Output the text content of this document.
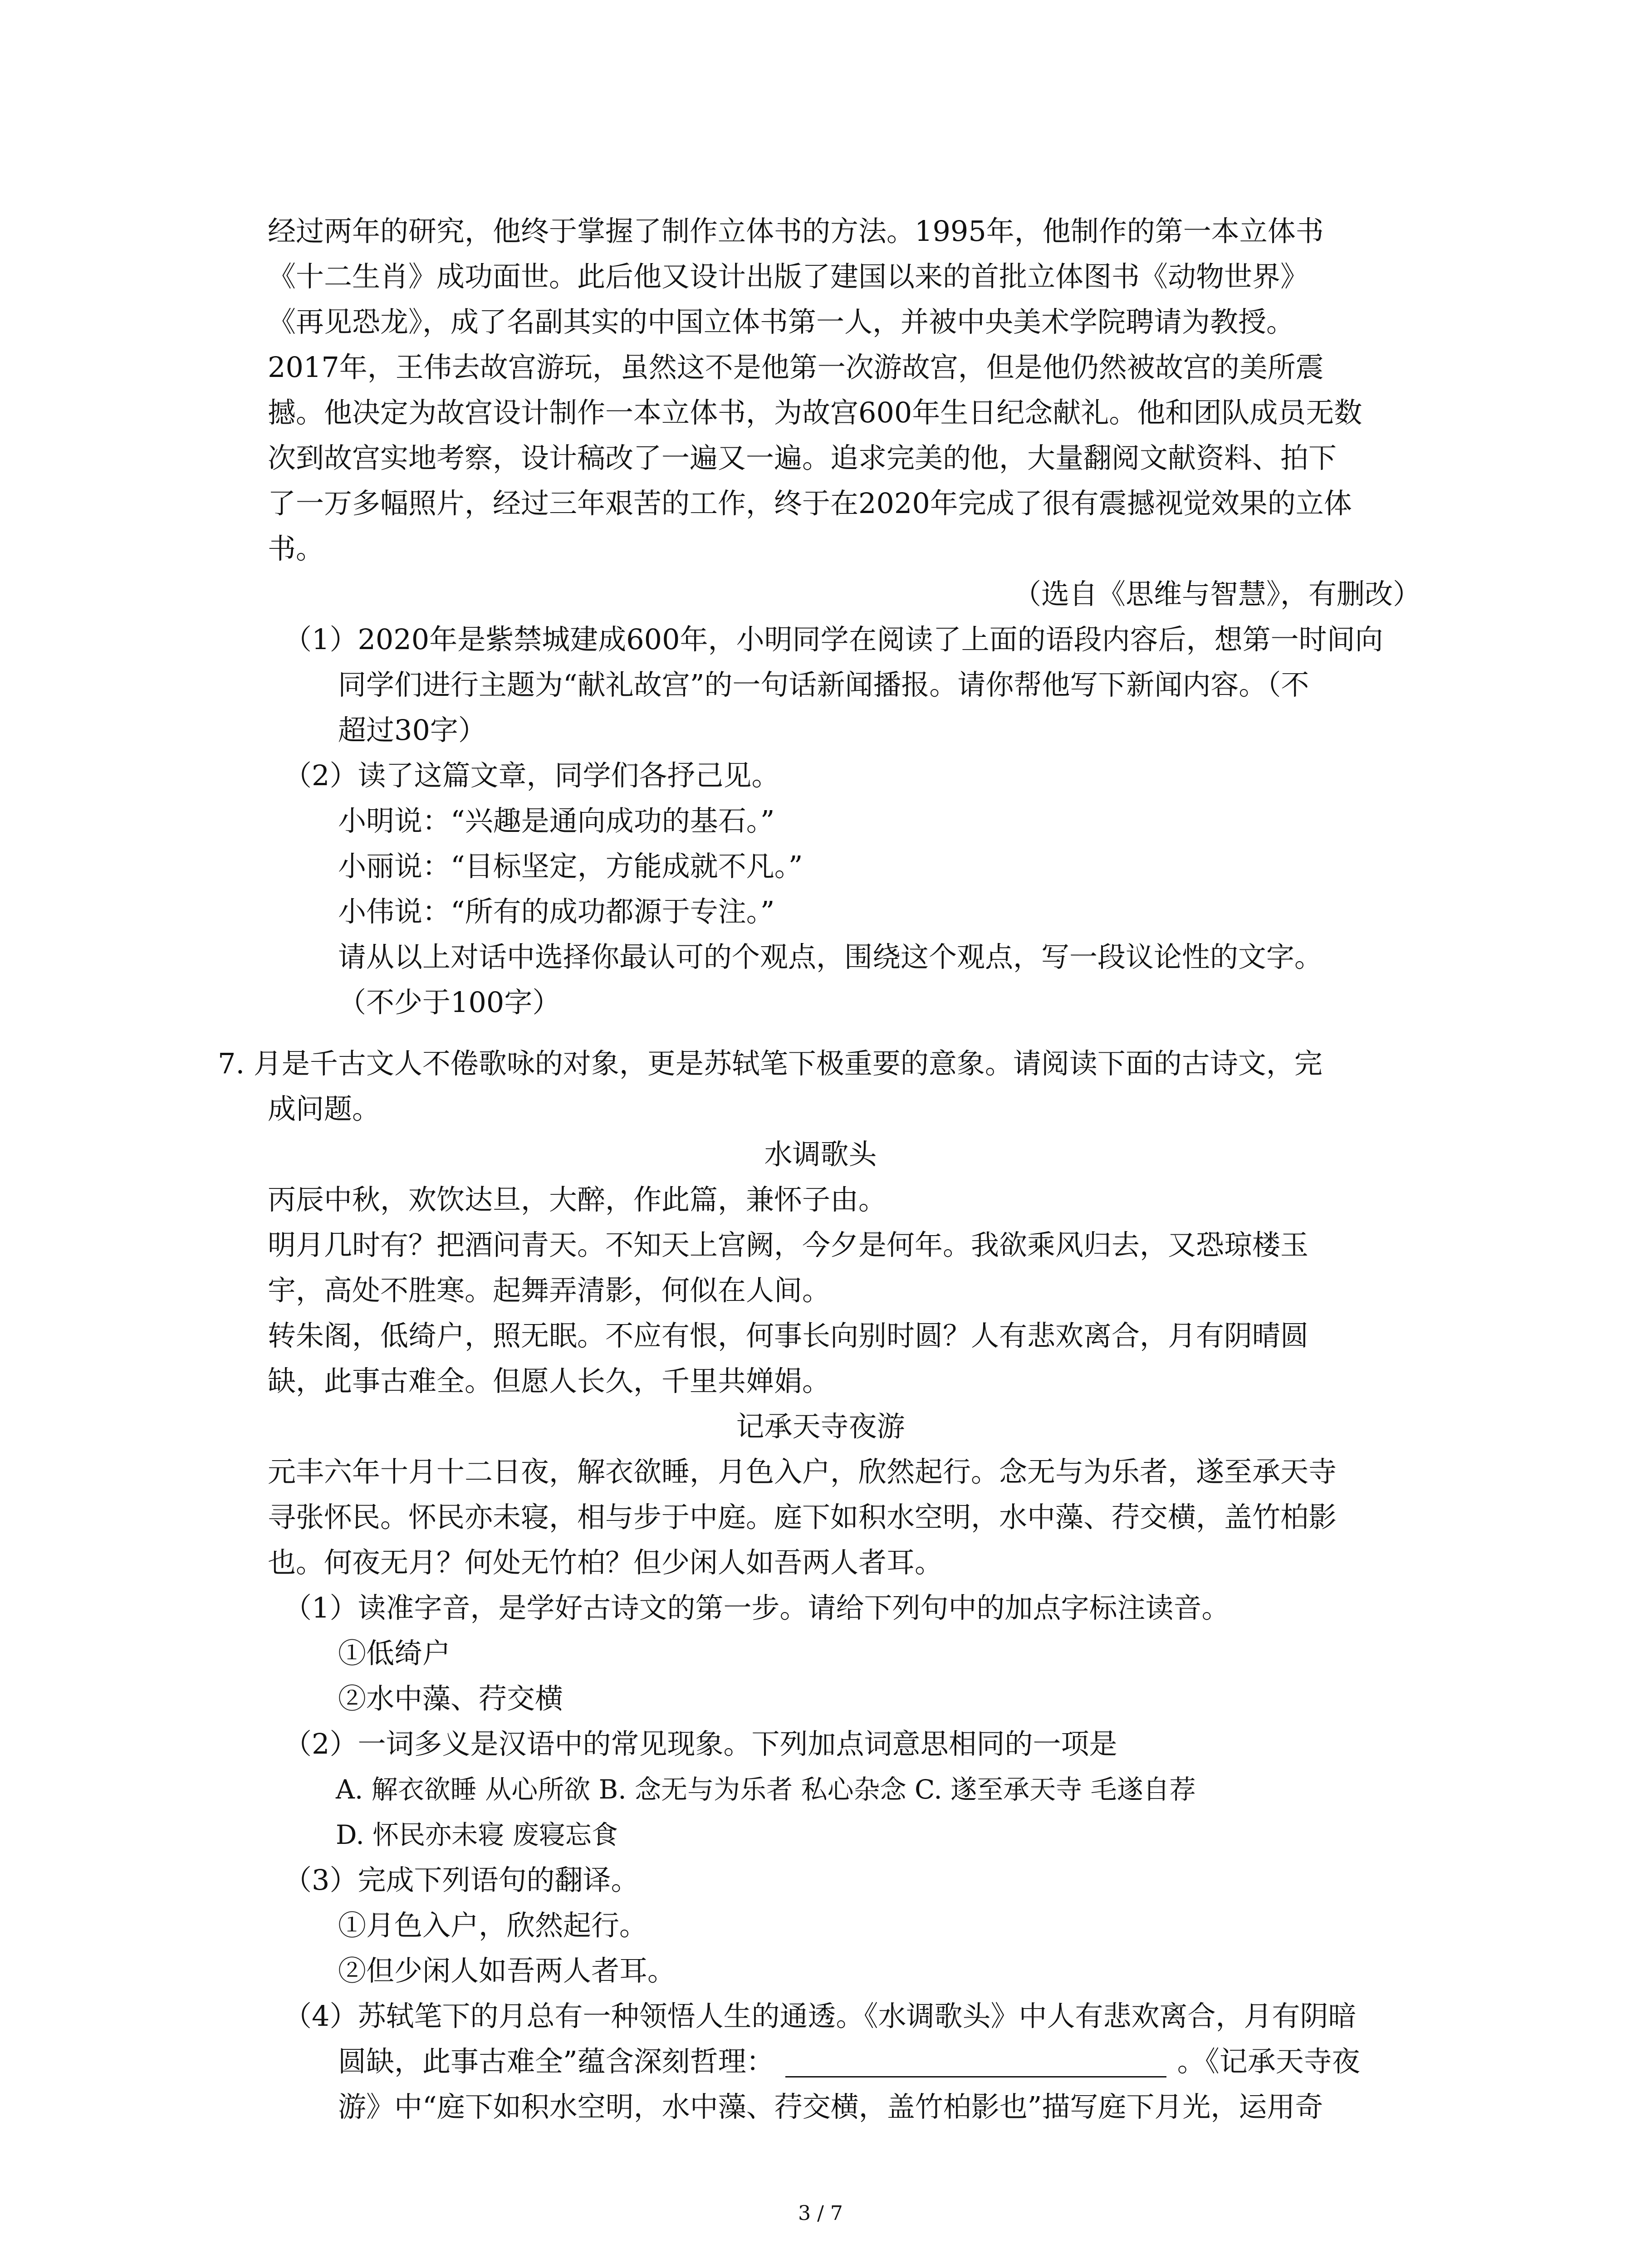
经过两年的研究，他终于掌握了制作立体书的方法。1995年，他制作的第一本立体书
《十二生肖》成功面世。此后他又设计出版了建国以来的首批立体图书《动物世界》
《再见恐龙》，成了名副其实的中国立体书第一人，并被中央美术学院聘请为教授。
2017年，王伟去故宫游玩，虽然这不是他第一次游故宫，但是他仍然被故宫的美所震
撼。他决定为故宫设计制作一本立体书，为故宫600年生日纪念献礼。他和团队成员无数
次到故宫实地考察，设计稿改了一遍又一遍。追求完美的他，大量翻阅文献资料、拍下
了一万多幅照片，经过三年艰苦的工作，终于在2020年完成了很有震撼视觉效果的立体
书。
（选自《思维与智慧》，有删改）
（1）2020年是紫禁城建成600年，小明同学在阅读了上面的语段内容后，想第一时间向
同学们进行主题为“献礼故宫”的一句话新闻播报。请你帮他写下新闻内容。（不
超过30字）
（2）读了这篇文章，同学们各抒己见。
小明说：“兴趣是通向成功的基石。”
小丽说：“目标坚定，方能成就不凡。”
小伟说：“所有的成功都源于专注。”
请从以上对话中选择你最认可的个观点，围绕这个观点，写一段议论性的文字。
（不少于100字）
7. 月是千古文人不倦歌咏的对象，更是苏轼笔下极重要的意象。请阅读下面的古诗文，完
成问题。
水调歌头
丙辰中秋，欢饮达旦，大醉，作此篇，兼怀子由。
明月几时有？把酒问青天。不知天上宫阙，今夕是何年。我欲乘风归去，又恐琼楼玉
宇，高处不胜寒。起舞弄清影，何似在人间。
转朱阁，低绮户，照无眠。不应有恨，何事长向别时圆？人有悲欢离合，月有阴晴圆
缺，此事古难全。但愿人长久，千里共婵娟。
记承天寺夜游
元丰六年十月十二日夜，解衣欲睡，月色入户，欣然起行。念无与为乐者，遂至承天寺
寻张怀民。怀民亦未寝，相与步于中庭。庭下如积水空明，水中藻、荇交横，盖竹柏影
也。何夜无月？何处无竹柏？但少闲人如吾两人者耳。
（1）读准字音，是学好古诗文的第一步。请给下列句中的加点字标注读音。
①低绮户
②水中藻、荇交横
（2）一词多义是汉语中的常见现象。下列加点词意思相同的一项是
A. 解衣欲睡 从心所欲 B. 念无与为乐者 私心杂念 C. 遂至承天寺 毛遂自荐
D. 怀民亦未寝 废寝忘食
（3）完成下列语句的翻译。
①月色入户，欣然起行。
②但少闲人如吾两人者耳。
（4）苏轼笔下的月总有一种领悟人生的通透。《水调歌头》中人有悲欢离合，月有阴暗
圆缺，此事古难全”蕴含深刻哲理：	。《记承天寺夜
游》中“庭下如积水空明，水中藻、荇交横，盖竹柏影也”描写庭下月光，运用奇
3 / 7
